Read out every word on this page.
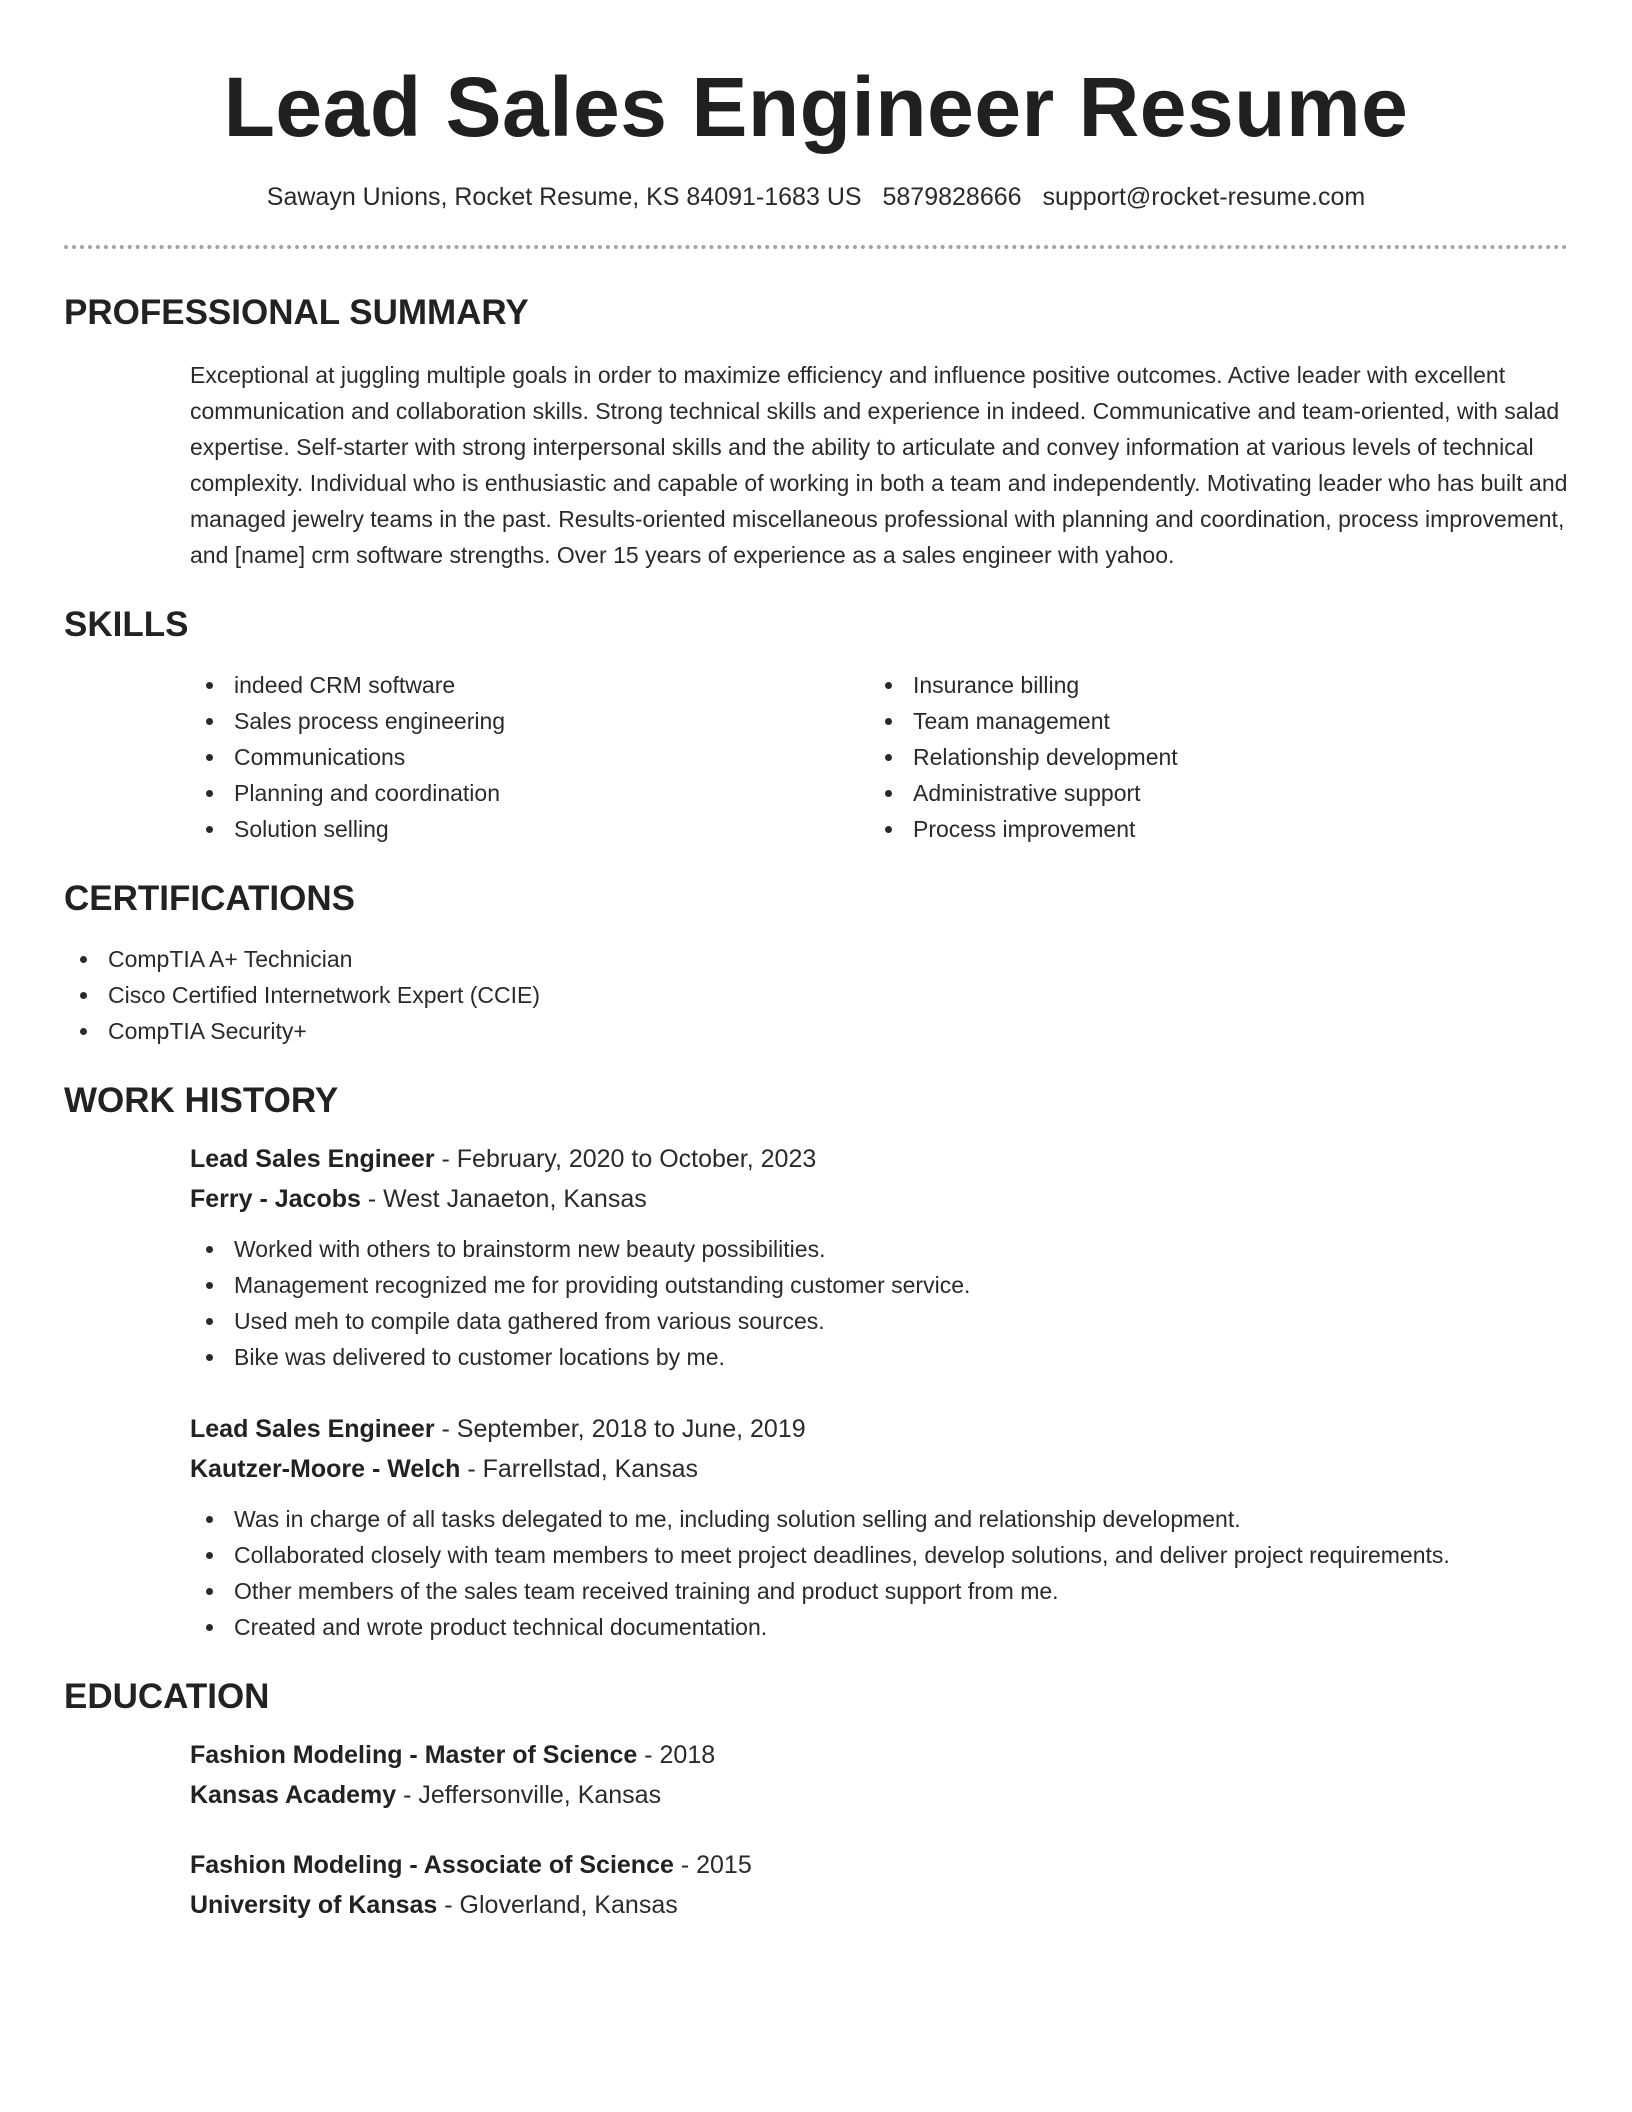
Lead Sales Engineer Resume
Sawayn Unions, Rocket Resume, KS 84091-1683 US 5879828666 support@rocket-resume.com
PROFESSIONAL SUMMARY

Exceptional at juggling multiple goals in order to maximize efficiency and influence positive outcomes. Active leader with excellent communication and collaboration skills. Strong technical skills and experience in indeed. Communicative and team-oriented, with salad expertise. Self-starter with strong interpersonal skills and the ability to articulate and convey information at various levels of technical complexity. Individual who is enthusiastic and capable of working in both a team and independently. Motivating leader who has built and managed jewelry teams in the past. Results-oriented miscellaneous professional with planning and coordination, process improvement, and [name] crm software strengths. Over 15 years of experience as a sales engineer with yahoo.

SKILLS
indeed CRM software
Sales process engineering
Communications
Planning and coordination
Solution selling
Insurance billing
Team management
Relationship development
Administrative support
Process improvement
CERTIFICATIONS
CompTIA A+ Technician
Cisco Certified Internetwork Expert (CCIE)
CompTIA Security+
WORK HISTORY
Lead Sales Engineer - February, 2020 to October, 2023
Ferry - Jacobs - West Janaeton, Kansas
Worked with others to brainstorm new beauty possibilities.
Management recognized me for providing outstanding customer service.
Used meh to compile data gathered from various sources.
Bike was delivered to customer locations by me.
Lead Sales Engineer - September, 2018 to June, 2019
Kautzer-Moore - Welch - Farrellstad, Kansas
Was in charge of all tasks delegated to me, including solution selling and relationship development.
Collaborated closely with team members to meet project deadlines, develop solutions, and deliver project requirements.
Other members of the sales team received training and product support from me.
Created and wrote product technical documentation.
EDUCATION
Fashion Modeling - Master of Science - 2018
Kansas Academy - Jeffersonville, Kansas
Fashion Modeling - Associate of Science - 2015
University of Kansas - Gloverland, Kansas
